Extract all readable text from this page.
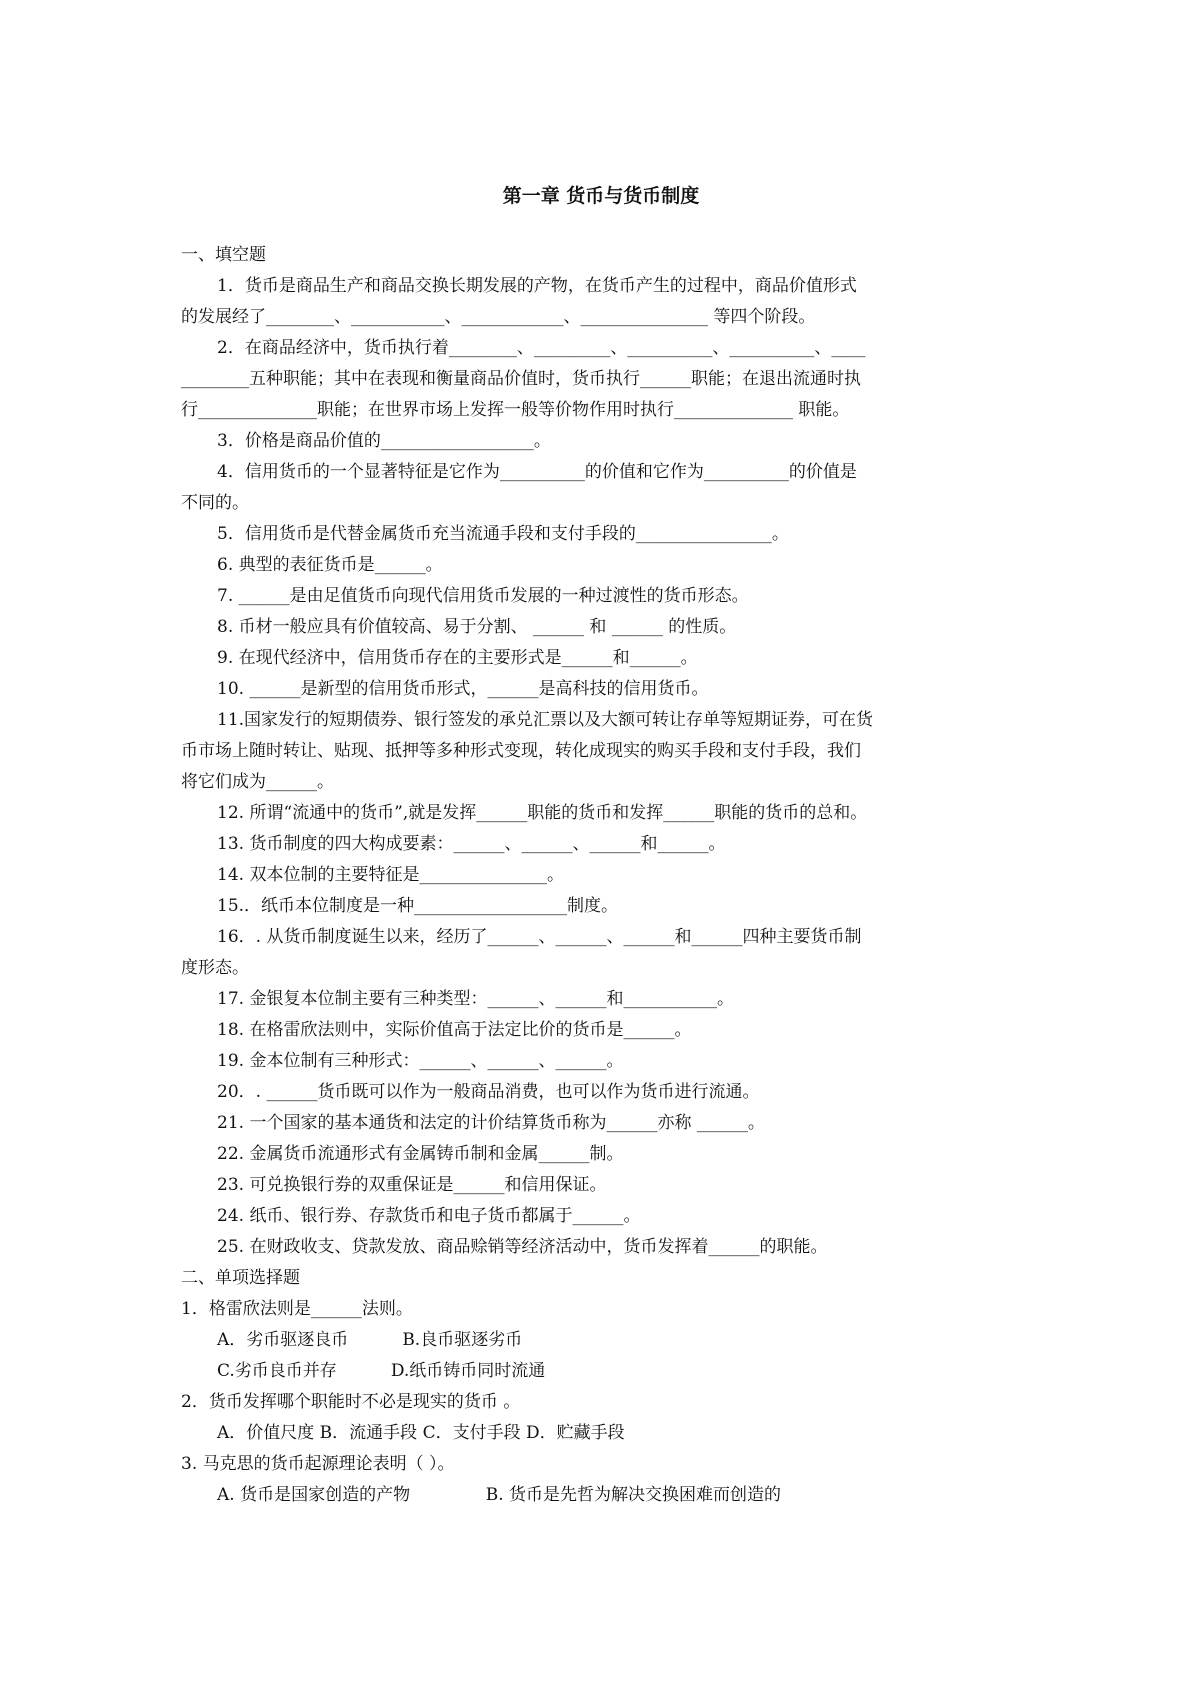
第一章 货币与货币制度

一、填空题

1．货币是商品生产和商品交换长期发展的产物，在货币产生的过程中，商品价值形式

的发展经了________、___________、____________、_______________ 等四个阶段。

2．在商品经济中，货币执行着________、_________、__________、__________、____

________五种职能；其中在表现和衡量商品价值时，货币执行______职能；在退出流通时执

行______________职能；在世界市场上发挥一般等价物作用时执行______________ 职能。

3．价格是商品价值的__________________。

4．信用货币的一个显著特征是它作为__________的价值和它作为__________的价值是

不同的。

5．信用货币是代替金属货币充当流通手段和支付手段的________________。

6. 典型的表征货币是______。

7. ______是由足值货币向现代信用货币发展的一种过渡性的货币形态。

8. 币材一般应具有价值较高、易于分割、 ______ 和 ______ 的性质。

9. 在现代经济中，信用货币存在的主要形式是______和______。

10. ______是新型的信用货币形式，______是高科技的信用货币。

11.国家发行的短期债券、银行签发的承兑汇票以及大额可转让存单等短期证券，可在货

币市场上随时转让、贴现、抵押等多种形式变现，转化成现实的购买手段和支付手段，我们

将它们成为______。

12. 所谓“流通中的货币”,就是发挥______职能的货币和发挥______职能的货币的总和。

13. 货币制度的四大构成要素：______、______、______和______。

14. 双本位制的主要特征是_______________。

15.．纸币本位制度是一种__________________制度。

16．. 从货币制度诞生以来，经历了______、______、______和______四种主要货币制

度形态。

17. 金银复本位制主要有三种类型：______、______和___________。

18. 在格雷欣法则中，实际价值高于法定比价的货币是______。

19. 金本位制有三种形式：______、______、______。

20．. ______货币既可以作为一般商品消费，也可以作为货币进行流通。

21. 一个国家的基本通货和法定的计价结算货币称为______亦称 ______。

22. 金属货币流通形式有金属铸币制和金属______制。

23. 可兑换银行券的双重保证是______和信用保证。

24. 纸币、银行券、存款货币和电子货币都属于______。

25. 在财政收支、贷款发放、商品赊销等经济活动中，货币发挥着______的职能。

二、单项选择题

1．格雷欣法则是______法则。

A．劣币驱逐良币          B.良币驱逐劣币

C.劣币良币并存          D.纸币铸币同时流通

2．货币发挥哪个职能时不必是现实的货币 。

A．价值尺度 B．流通手段 C．支付手段 D．贮藏手段

3. 马克思的货币起源理论表明（ ）。

A. 货币是国家创造的产物              B. 货币是先哲为解决交换困难而创造的
